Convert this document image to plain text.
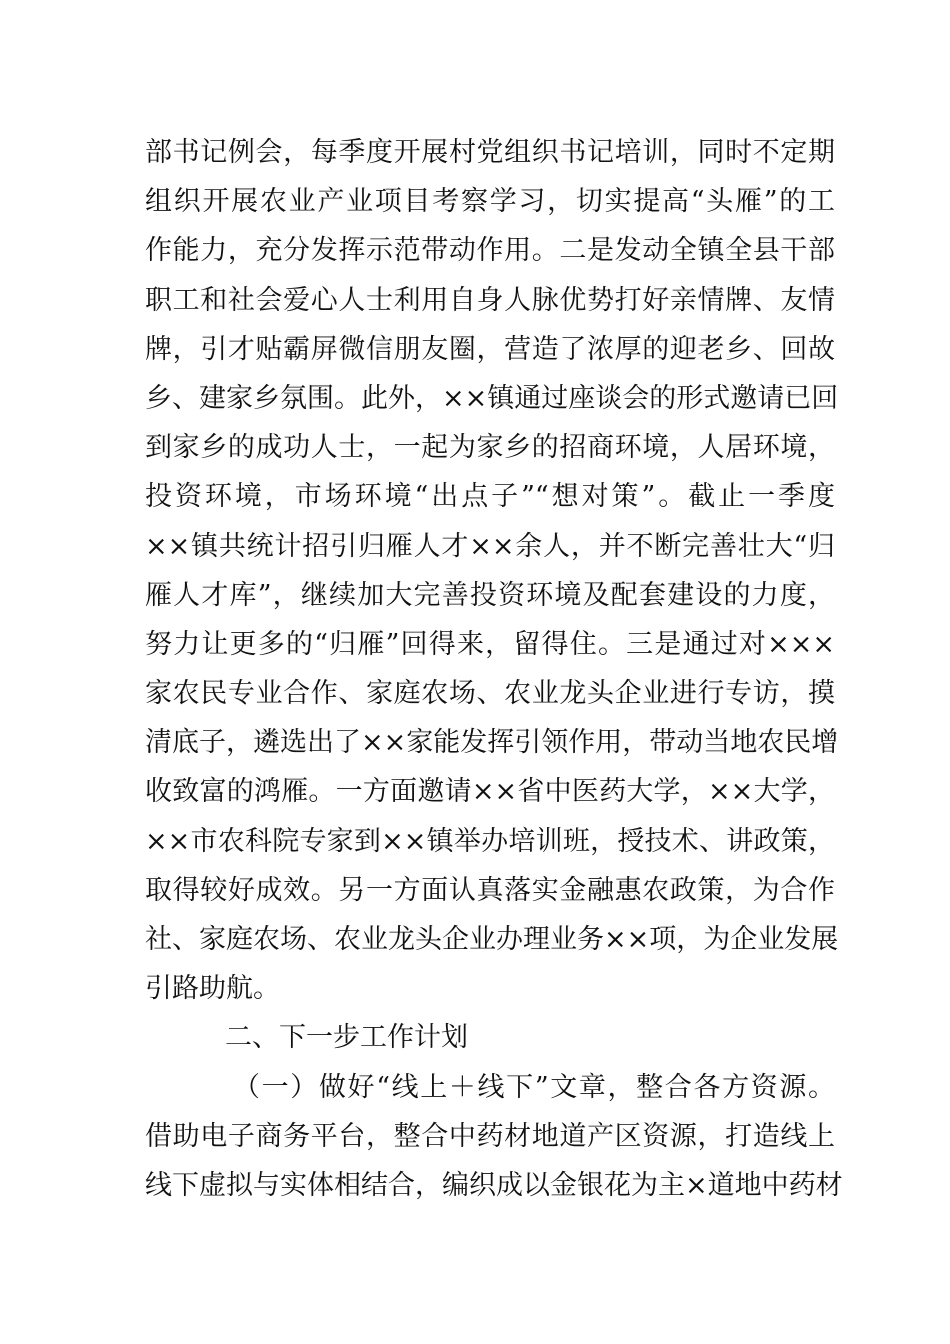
部书记例会，每季度开展村党组织书记培训，同时不定期
组织开展农业产业项目考察学习，切实提高“头雁”的工
作能力，充分发挥示范带动作用。二是发动全镇全县干部
职工和社会爱心人士利用自身人脉优势打好亲情牌、友情
牌，引才贴霸屏微信朋友圈，营造了浓厚的迎老乡、回故
乡、建家乡氛围。此外，××镇通过座谈会的形式邀请已回
到家乡的成功人士，一起为家乡的招商环境，人居环境，
投资环境，市场环境“出点子”“想对策”。截止一季度
××镇共统计招引归雁人才××余人，并不断完善壮大“归
雁人才库”，继续加大完善投资环境及配套建设的力度，
努力让更多的“归雁”回得来，留得住。三是通过对×××
家农民专业合作、家庭农场、农业龙头企业进行专访，摸
清底子，遴选出了××家能发挥引领作用，带动当地农民增
收致富的鸿雁。一方面邀请××省中医药大学，××大学，
××市农科院专家到××镇举办培训班，授技术、讲政策，
取得较好成效。另一方面认真落实金融惠农政策，为合作
社、家庭农场、农业龙头企业办理业务××项，为企业发展
引路助航。
二、下一步工作计划
（一）做好“线上＋线下”文章，整合各方资源。
借助电子商务平台，整合中药材地道产区资源，打造线上
线下虚拟与实体相结合，编织成以金银花为主×道地中药材
